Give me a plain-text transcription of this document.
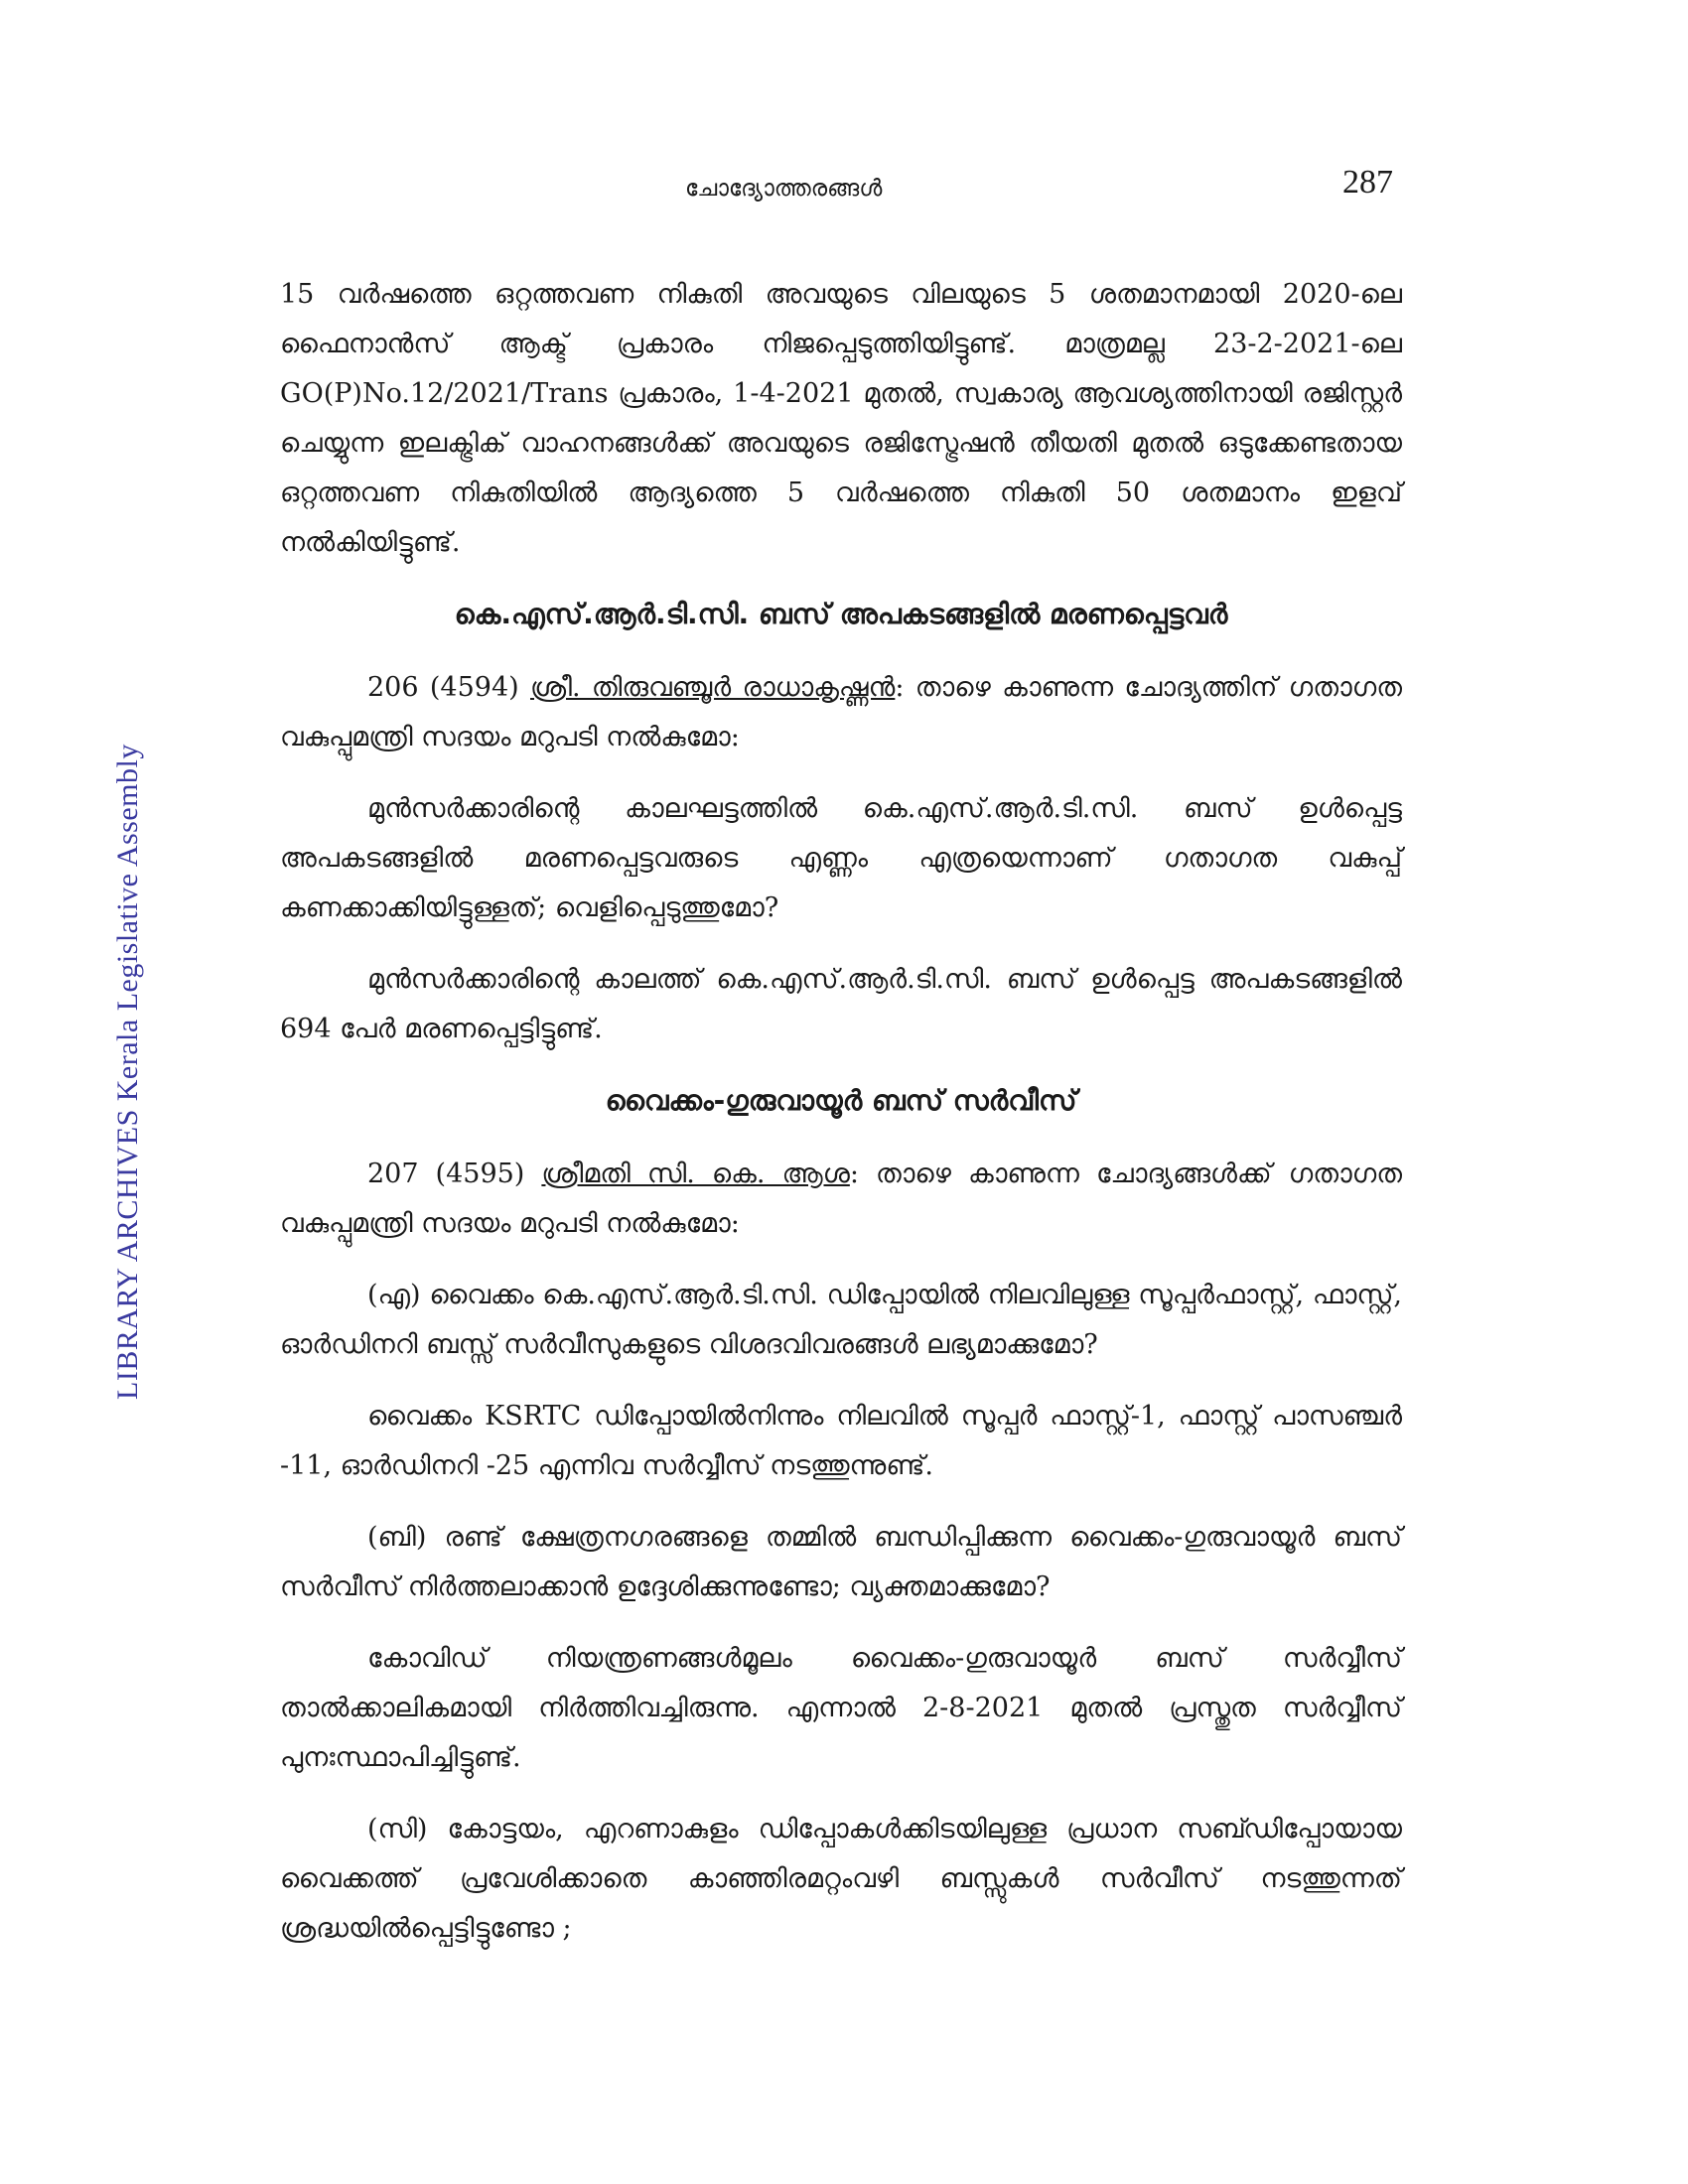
ചോദ്യോത്തരങ്ങൾ	287
LIBRARY ARCHIVES Kerala Legislative Assembly

15 വർഷത്തെ ഒറ്റത്തവണ നികുതി അവയുടെ വിലയുടെ 5 ശതമാനമായി 2020-ലെ ഫൈനാൻസ് ആക്ട് പ്രകാരം നിജപ്പെടുത്തിയിട്ടുണ്ട്. മാത്രമല്ല 23-2-2021-ലെ GO(P)No.12/2021/Trans പ്രകാരം, 1-4-2021 മുതൽ, സ്വകാര്യ ആവശ്യത്തിനായി രജിസ്റ്റർ ചെയ്യുന്ന ഇലക്ട്രിക് വാഹനങ്ങൾക്ക് അവയുടെ രജിസ്ട്രേഷൻ തീയതി മുതൽ ഒടുക്കേണ്ടതായ ഒറ്റത്തവണ നികുതിയിൽ ആദ്യത്തെ 5 വർഷത്തെ നികുതി 50 ശതമാനം ഇളവ് നൽകിയിട്ടുണ്ട്.

കെ.എസ്.ആർ.ടി.സി. ബസ് അപകടങ്ങളിൽ മരണപ്പെട്ടവർ

206 (4594) ശ്രീ. തിരുവഞ്ചൂർ രാധാകൃഷ്ണൻ: താഴെ കാണുന്ന ചോദ്യത്തിന് ഗതാഗത വകുപ്പുമന്ത്രി സദയം മറുപടി നൽകുമോ:

മുൻസർക്കാരിന്റെ കാലഘട്ടത്തിൽ കെ.എസ്.ആർ.ടി.സി. ബസ് ഉൾപ്പെട്ട അപകടങ്ങളിൽ മരണപ്പെട്ടവരുടെ എണ്ണം എത്രയെന്നാണ് ഗതാഗത വകുപ്പ് കണക്കാക്കിയിട്ടുള്ളത്; വെളിപ്പെടുത്തുമോ?

മുൻസർക്കാരിന്റെ കാലത്ത് കെ.എസ്.ആർ.ടി.സി. ബസ് ഉൾപ്പെട്ട അപകടങ്ങളിൽ 694 പേർ മരണപ്പെട്ടിട്ടുണ്ട്.

വൈക്കം-ഗുരുവായൂർ ബസ് സർവീസ്

207 (4595) ശ്രീമതി സി. കെ. ആശ: താഴെ കാണുന്ന ചോദ്യങ്ങൾക്ക് ഗതാഗത വകുപ്പുമന്ത്രി സദയം മറുപടി നൽകുമോ:

(എ) വൈക്കം കെ.എസ്.ആർ.ടി.സി. ഡിപ്പോയിൽ നിലവിലുള്ള സൂപ്പർഫാസ്റ്റ്, ഫാസ്റ്റ്, ഓർഡിനറി ബസ്സ് സർവീസുകളുടെ വിശദവിവരങ്ങൾ ലഭ്യമാക്കുമോ?

വൈക്കം KSRTC ഡിപ്പോയിൽനിന്നും നിലവിൽ സൂപ്പർ ഫാസ്റ്റ്-1, ഫാസ്റ്റ് പാസഞ്ചർ -11, ഓർഡിനറി -25 എന്നിവ സർവ്വീസ് നടത്തുന്നുണ്ട്.

(ബി) രണ്ട് ക്ഷേത്രനഗരങ്ങളെ തമ്മിൽ ബന്ധിപ്പിക്കുന്ന വൈക്കം-ഗുരുവായൂർ ബസ് സർവീസ് നിർത്തലാക്കാൻ ഉദ്ദേശിക്കുന്നുണ്ടോ; വ്യക്തമാക്കുമോ?

കോവിഡ് നിയന്ത്രണങ്ങൾമൂലം വൈക്കം-ഗുരുവായൂർ ബസ് സർവ്വീസ് താൽക്കാലികമായി നിർത്തിവച്ചിരുന്നു. എന്നാൽ 2-8-2021 മുതൽ പ്രസ്തുത സർവ്വീസ് പുനഃസ്ഥാപിച്ചിട്ടുണ്ട്.

(സി) കോട്ടയം, എറണാകുളം ഡിപ്പോകൾക്കിടയിലുള്ള പ്രധാന സബ്ഡിപ്പോയായ വൈക്കത്ത് പ്രവേശിക്കാതെ കാഞ്ഞിരമറ്റംവഴി ബസ്സുകൾ സർവീസ് നടത്തുന്നത് ശ്രദ്ധയിൽപ്പെട്ടിട്ടുണ്ടോ ;
